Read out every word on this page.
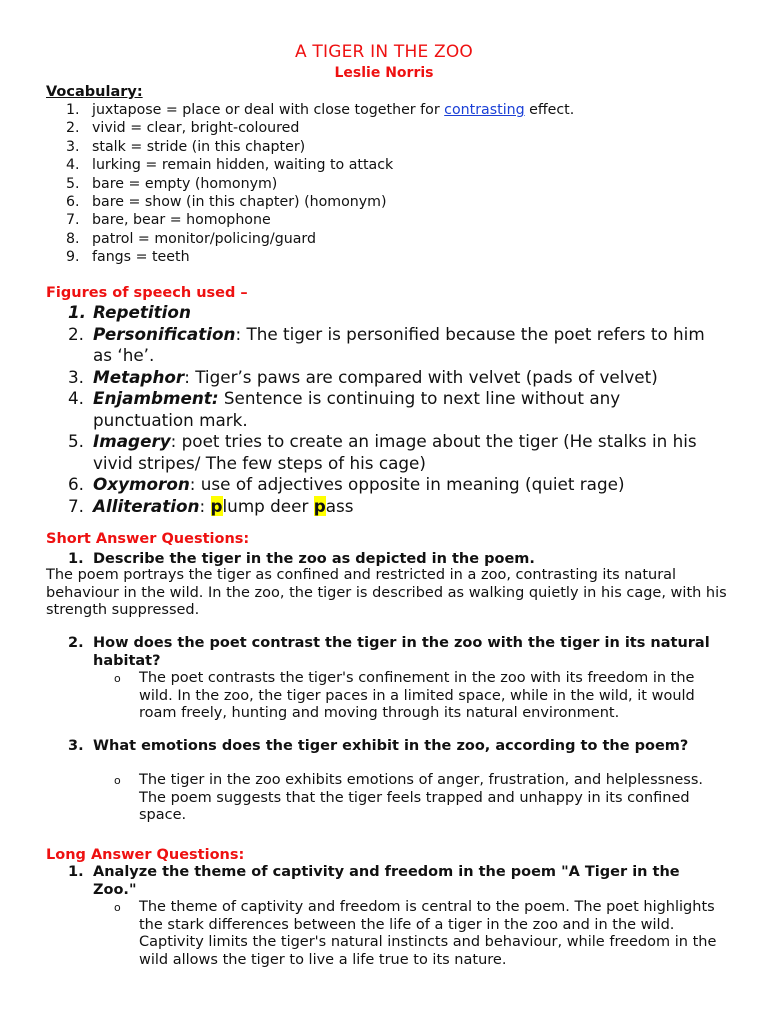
A TIGER IN THE ZOO
Leslie Norris
Vocabulary:
1. juxtapose = place or deal with close together for contrasting effect.
2. vivid = clear, bright-coloured
3. stalk = stride (in this chapter)
4. lurking = remain hidden, waiting to attack
5. bare = empty (homonym)
6. bare = show (in this chapter) (homonym)
7. bare, bear = homophone
8. patrol = monitor/policing/guard
9. fangs = teeth
Figures of speech used –
1. Repetition
2. Personification: The tiger is personified because the poet refers to him as ‘he’.
3. Metaphor: Tiger’s paws are compared with velvet (pads of velvet)
4. Enjambment: Sentence is continuing to next line without any punctuation mark.
5. Imagery: poet tries to create an image about the tiger (He stalks in his vivid stripes/ The few steps of his cage)
6. Oxymoron: use of adjectives opposite in meaning (quiet rage)
7. Alliteration: plump deer pass
Short Answer Questions:
1. Describe the tiger in the zoo as depicted in the poem.
The poem portrays the tiger as confined and restricted in a zoo, contrasting its natural behaviour in the wild. In the zoo, the tiger is described as walking quietly in his cage, with his strength suppressed.
2. How does the poet contrast the tiger in the zoo with the tiger in its natural habitat?
o	The poet contrasts the tiger's confinement in the zoo with its freedom in the wild. In the zoo, the tiger paces in a limited space, while in the wild, it would roam freely, hunting and moving through its natural environment.
3. What emotions does the tiger exhibit in the zoo, according to the poem?
o	The tiger in the zoo exhibits emotions of anger, frustration, and helplessness. The poem suggests that the tiger feels trapped and unhappy in its confined space.
Long Answer Questions:
1. Analyze the theme of captivity and freedom in the poem "A Tiger in the Zoo."
o	The theme of captivity and freedom is central to the poem. The poet highlights the stark differences between the life of a tiger in the zoo and in the wild. Captivity limits the tiger's natural instincts and behaviour, while freedom in the wild allows the tiger to live a life true to its nature.
